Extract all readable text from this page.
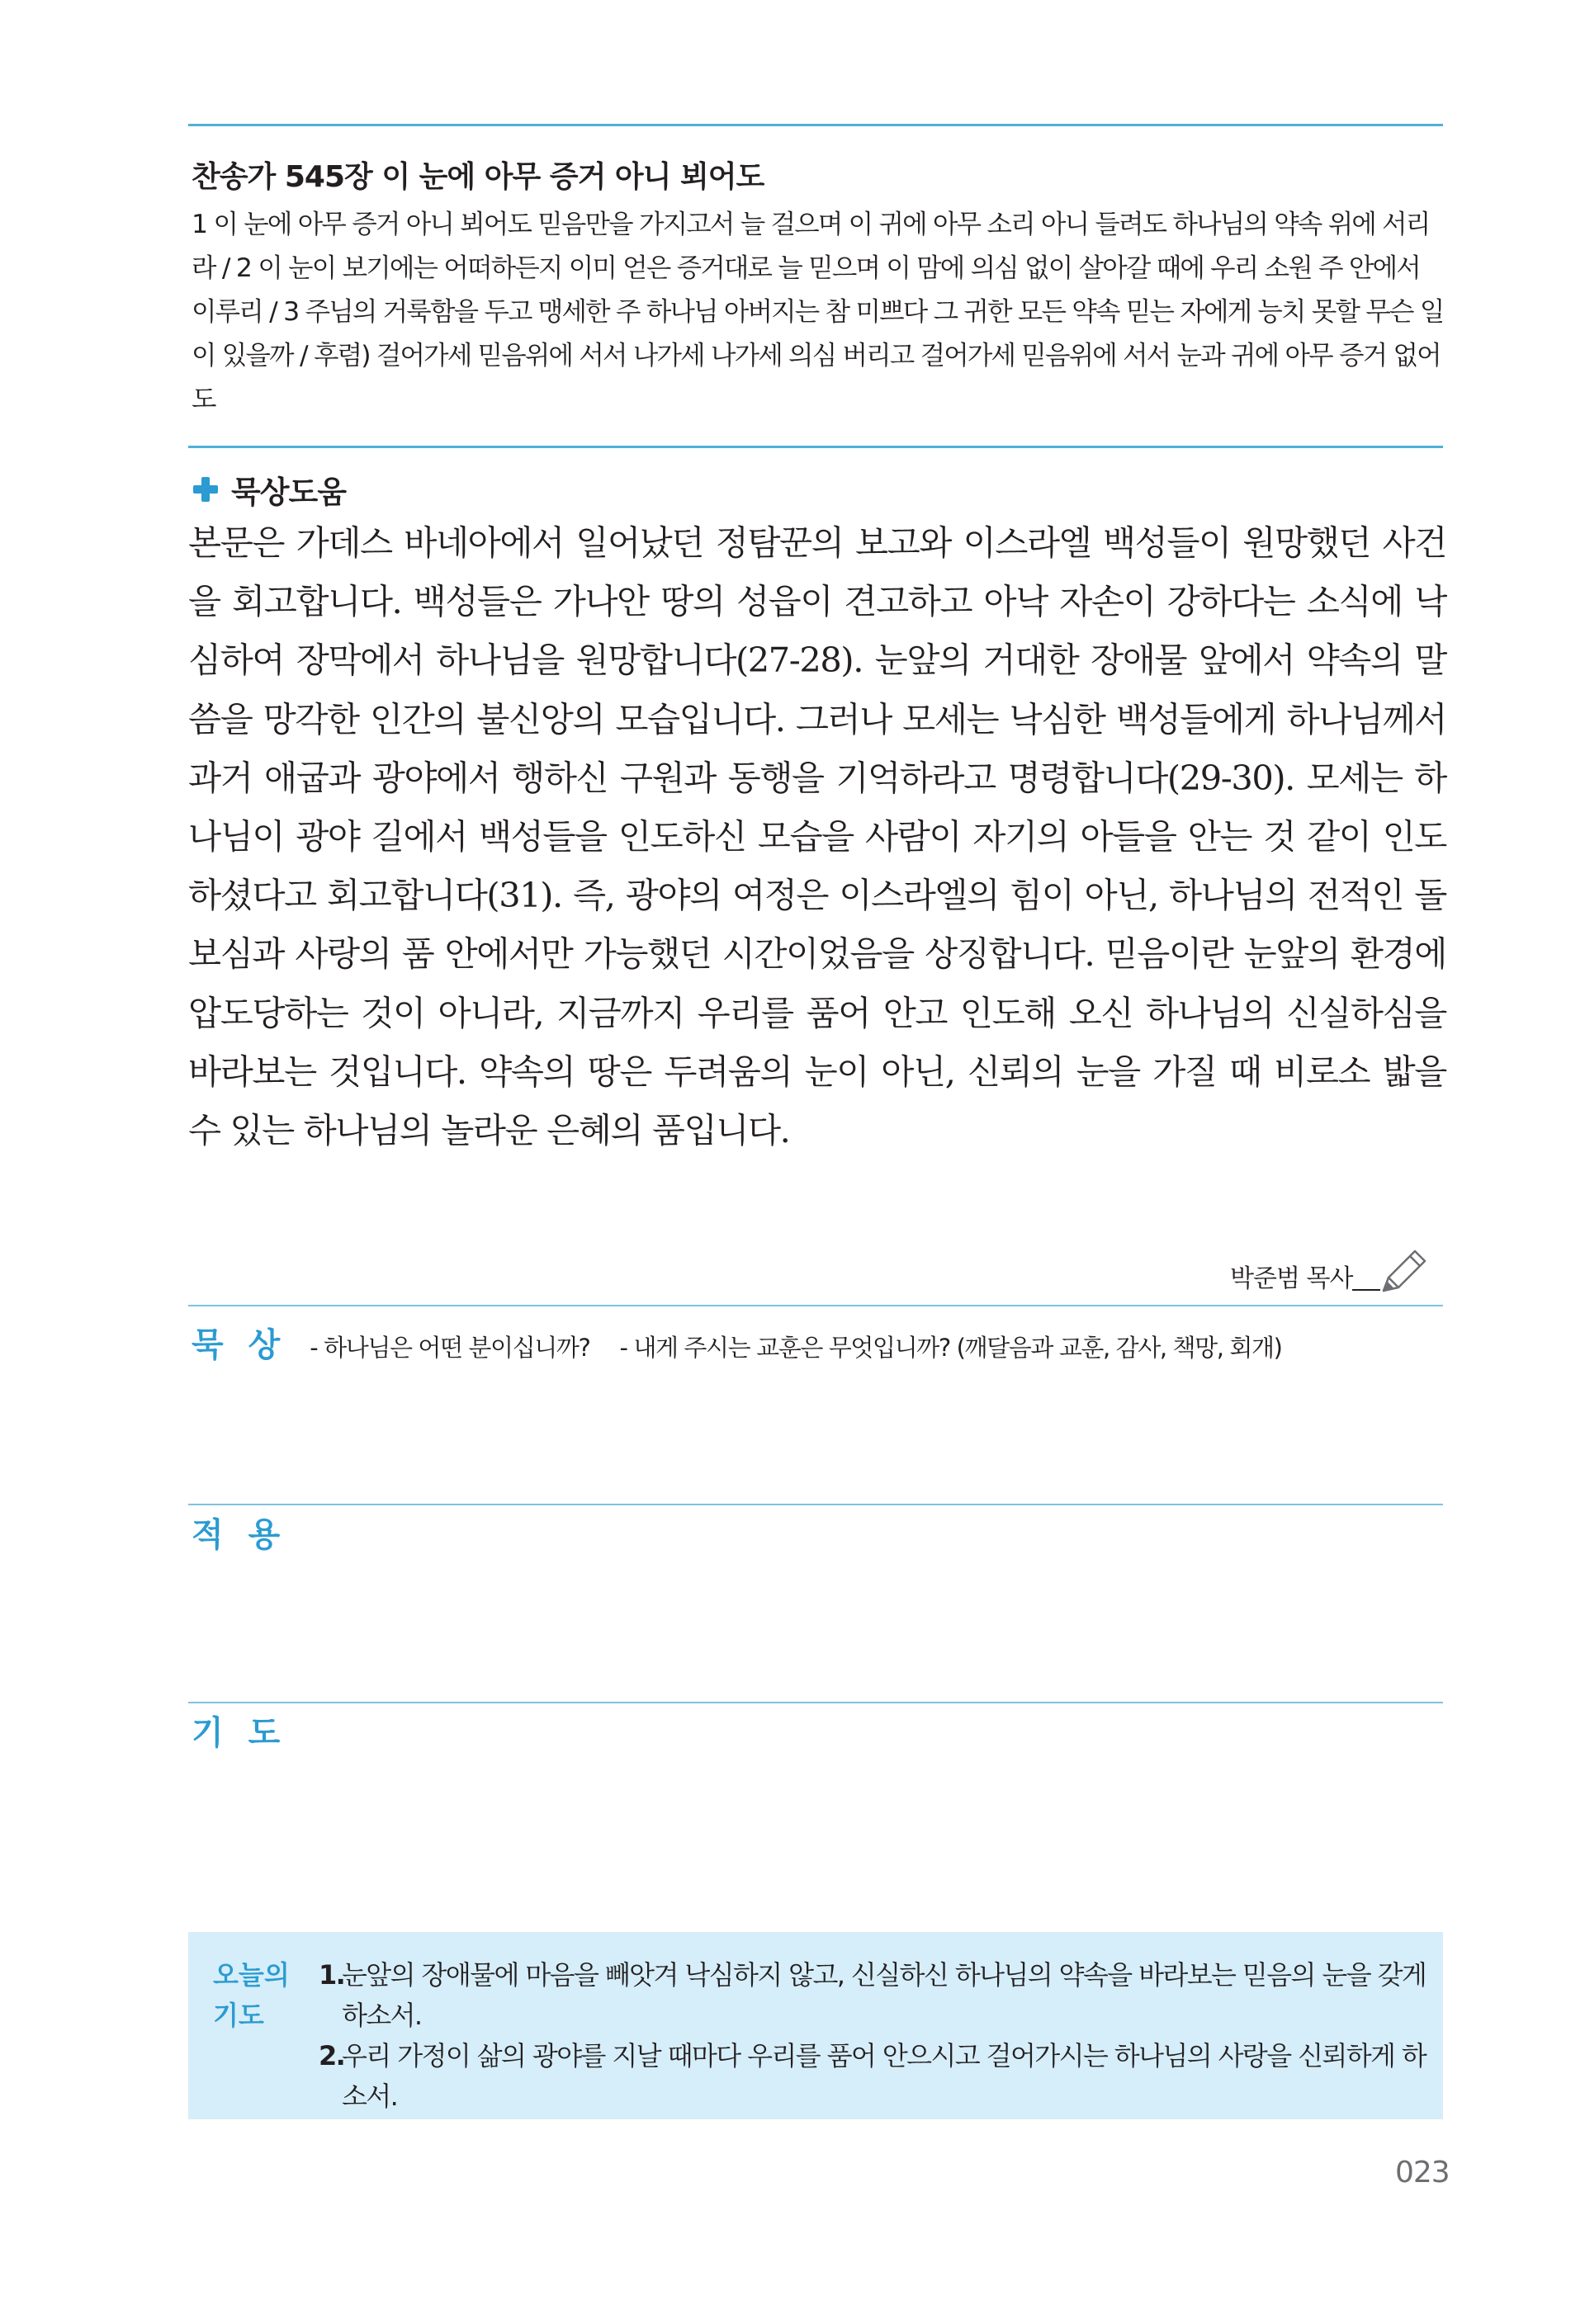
찬송가 545장 이 눈에 아무 증거 아니 뵈어도
1 이 눈에 아무 증거 아니 뵈어도 믿음만을 가지고서 늘 걸으며 이 귀에 아무 소리 아니 들려도 하나님의 약속 위에 서리라 / 2 이 눈이 보기에는 어떠하든지 이미 얻은 증거대로 늘 믿으며 이 맘에 의심 없이 살아갈 때에 우리 소원 주 안에서 이루리 / 3 주님의 거룩함을 두고 맹세한 주 하나님 아버지는 참 미쁘다 그 귀한 모든 약속 믿는 자에게 능치 못할 무슨 일이 있을까 / 후렴) 걸어가세 믿음위에 서서 나가세 나가세 의심 버리고 걸어가세 믿음위에 서서 눈과 귀에 아무 증거 없어도
묵상도움
본문은 가데스 바네아에서 일어났던 정탐꾼의 보고와 이스라엘 백성들이 원망했던 사건을 회고합니다. 백성들은 가나안 땅의 성읍이 견고하고 아낙 자손이 강하다는 소식에 낙심하여 장막에서 하나님을 원망합니다(27-28). 눈앞의 거대한 장애물 앞에서 약속의 말씀을 망각한 인간의 불신앙의 모습입니다. 그러나 모세는 낙심한 백성들에게 하나님께서 과거 애굽과 광야에서 행하신 구원과 동행을 기억하라고 명령합니다(29-30). 모세는 하나님이 광야 길에서 백성들을 인도하신 모습을 사람이 자기의 아들을 안는 것 같이 인도하셨다고 회고합니다(31). 즉, 광야의 여정은 이스라엘의 힘이 아닌, 하나님의 전적인 돌보심과 사랑의 품 안에서만 가능했던 시간이었음을 상징합니다. 믿음이란 눈앞의 환경에 압도당하는 것이 아니라, 지금까지 우리를 품어 안고 인도해 오신 하나님의 신실하심을 바라보는 것입니다. 약속의 땅은 두려움의 눈이 아닌, 신뢰의 눈을 가질 때 비로소 밟을 수 있는 하나님의 놀라운 은혜의 품입니다.
박준범 목사
묵 상 - 하나님은 어떤 분이십니까? - 내게 주시는 교훈은 무엇입니까? (깨달음과 교훈, 감사, 책망, 회개)
적 용
기 도
오늘의
기도
1.
눈앞의 장애물에 마음을 빼앗겨 낙심하지 않고, 신실하신 하나님의 약속을 바라보는 믿음의 눈을 갖게 하소서.
2.
우리 가정이 삶의 광야를 지날 때마다 우리를 품어 안으시고 걸어가시는 하나님의 사랑을 신뢰하게 하소서.
023
